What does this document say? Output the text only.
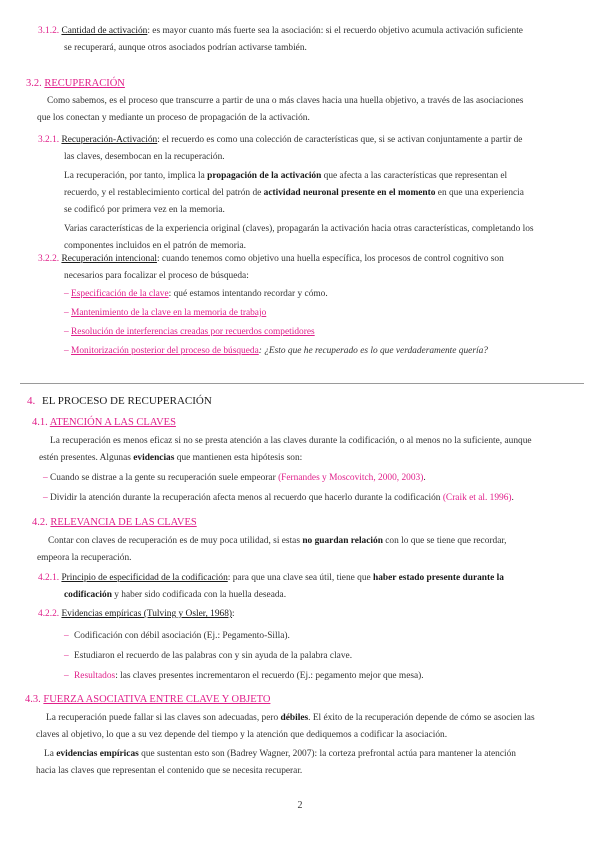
3.1.2. Cantidad de activación: es mayor cuanto más fuerte sea la asociación: si el recuerdo objetivo acumula activación suficiente
se recuperará, aunque otros asociados podrían activarse también.
3.2. RECUPERACIÓN
Como sabemos, es el proceso que transcurre a partir de una o más claves hacia una huella objetivo, a través de las asociaciones
que los conectan y mediante un proceso de propagación de la activación.
3.2.1. Recuperación-Activación: el recuerdo es como una colección de características que, si se activan conjuntamente a partir de
las claves, desembocan en la recuperación.
La recuperación, por tanto, implica la propagación de la activación que afecta a las características que representan el
recuerdo, y el restablecimiento cortical del patrón de actividad neuronal presente en el momento en que una experiencia
se codificó por primera vez en la memoria.
Varias características de la experiencia original (claves), propagarán la activación hacia otras características, completando los
componentes incluidos en el patrón de memoria.
3.2.2. Recuperación intencional: cuando tenemos como objetivo una huella específica, los procesos de control cognitivo son
necesarios para focalizar el proceso de búsqueda:
– Especificación de la clave: qué estamos intentando recordar y cómo.
– Mantenimiento de la clave en la memoria de trabajo
– Resolución de interferencias creadas por recuerdos competidores
– Monitorización posterior del proceso de búsqueda: ¿Esto que he recuperado es lo que verdaderamente quería?
4. EL PROCESO DE RECUPERACIÓN
4.1. ATENCIÓN A LAS CLAVES
La recuperación es menos eficaz si no se presta atención a las claves durante la codificación, o al menos no la suficiente, aunque
estén presentes. Algunas evidencias que mantienen esta hipótesis son:
– Cuando se distrae a la gente su recuperación suele empeorar (Fernandes y Moscovitch, 2000, 2003).
– Dividir la atención durante la recuperación afecta menos al recuerdo que hacerlo durante la codificación (Craik et al. 1996).
4.2. RELEVANCIA DE LAS CLAVES
Contar con claves de recuperación es de muy poca utilidad, si estas no guardan relación con lo que se tiene que recordar,
empeora la recuperación.
4.2.1. Principio de especificidad de la codificación: para que una clave sea útil, tiene que haber estado presente durante la
codificación y haber sido codificada con la huella deseada.
4.2.2. Evidencias empíricas (Tulving y Osler, 1968):
– Codificación con débil asociación (Ej.: Pegamento-Silla).
– Estudiaron el recuerdo de las palabras con y sin ayuda de la palabra clave.
– Resultados: las claves presentes incrementaron el recuerdo (Ej.: pegamento mejor que mesa).
4.3. FUERZA ASOCIATIVA ENTRE CLAVE Y OBJETO
La recuperación puede fallar si las claves son adecuadas, pero débiles. El éxito de la recuperación depende de cómo se asocien las
claves al objetivo, lo que a su vez depende del tiempo y la atención que dediquemos a codificar la asociación.
La evidencias empíricas que sustentan esto son (Badrey Wagner, 2007): la corteza prefrontal actúa para mantener la atención
hacia las claves que representan el contenido que se necesita recuperar.
2
